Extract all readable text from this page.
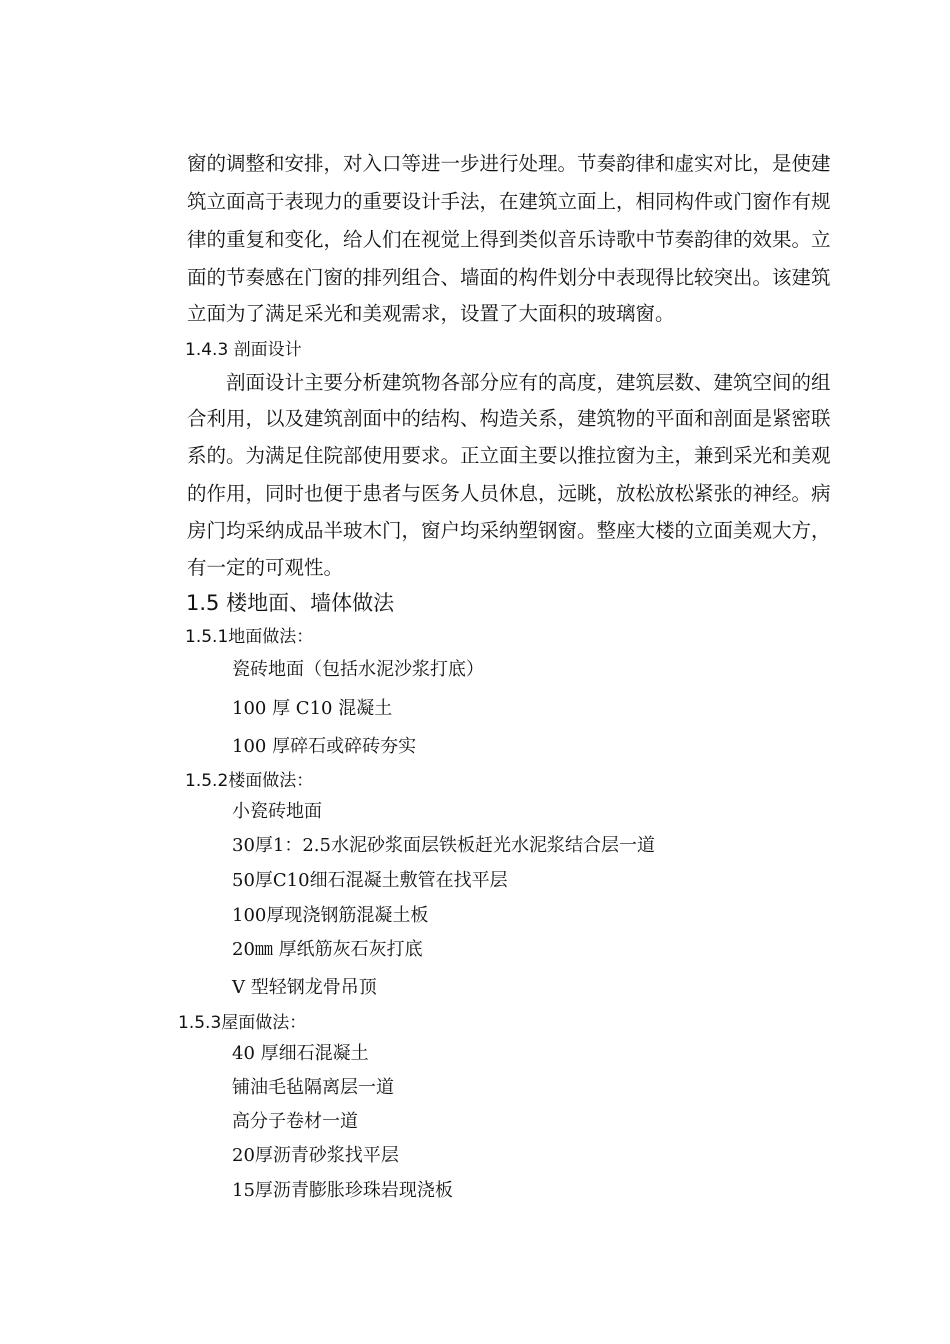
窗的调整和安排，对入口等进一步进行处理。节奏韵律和虚实对比，是使建
筑立面高于表现力的重要设计手法，在建筑立面上，相同构件或门窗作有规
律的重复和变化，给人们在视觉上得到类似音乐诗歌中节奏韵律的效果。立
面的节奏感在门窗的排列组合、墙面的构件划分中表现得比较突出。该建筑
立面为了满足采光和美观需求，设置了大面积的玻璃窗。
1.4.3 剖面设计
剖面设计主要分析建筑物各部分应有的高度，建筑层数、建筑空间的组
合利用，以及建筑剖面中的结构、构造关系，建筑物的平面和剖面是紧密联
系的。为满足住院部使用要求。正立面主要以推拉窗为主，兼到采光和美观
的作用，同时也便于患者与医务人员休息，远眺，放松放松紧张的神经。病
房门均采纳成品半玻木门，窗户均采纳塑钢窗。整座大楼的立面美观大方，
有一定的可观性。
1.5 楼地面、墙体做法
1.5.1地面做法：
瓷砖地面（包括水泥沙浆打底）
100 厚 C10 混凝土
100 厚碎石或碎砖夯实
1.5.2楼面做法：
小瓷砖地面
30厚1：2.5水泥砂浆面层铁板赶光水泥浆结合层一道
50厚C10细石混凝土敷管在找平层
100厚现浇钢筋混凝土板
20㎜ 厚纸筋灰石灰打底
V 型轻钢龙骨吊顶
1.5.3屋面做法：
40 厚细石混凝土
铺油毛毡隔离层一道
高分子卷材一道
20厚沥青砂浆找平层
15厚沥青膨胀珍珠岩现浇板
